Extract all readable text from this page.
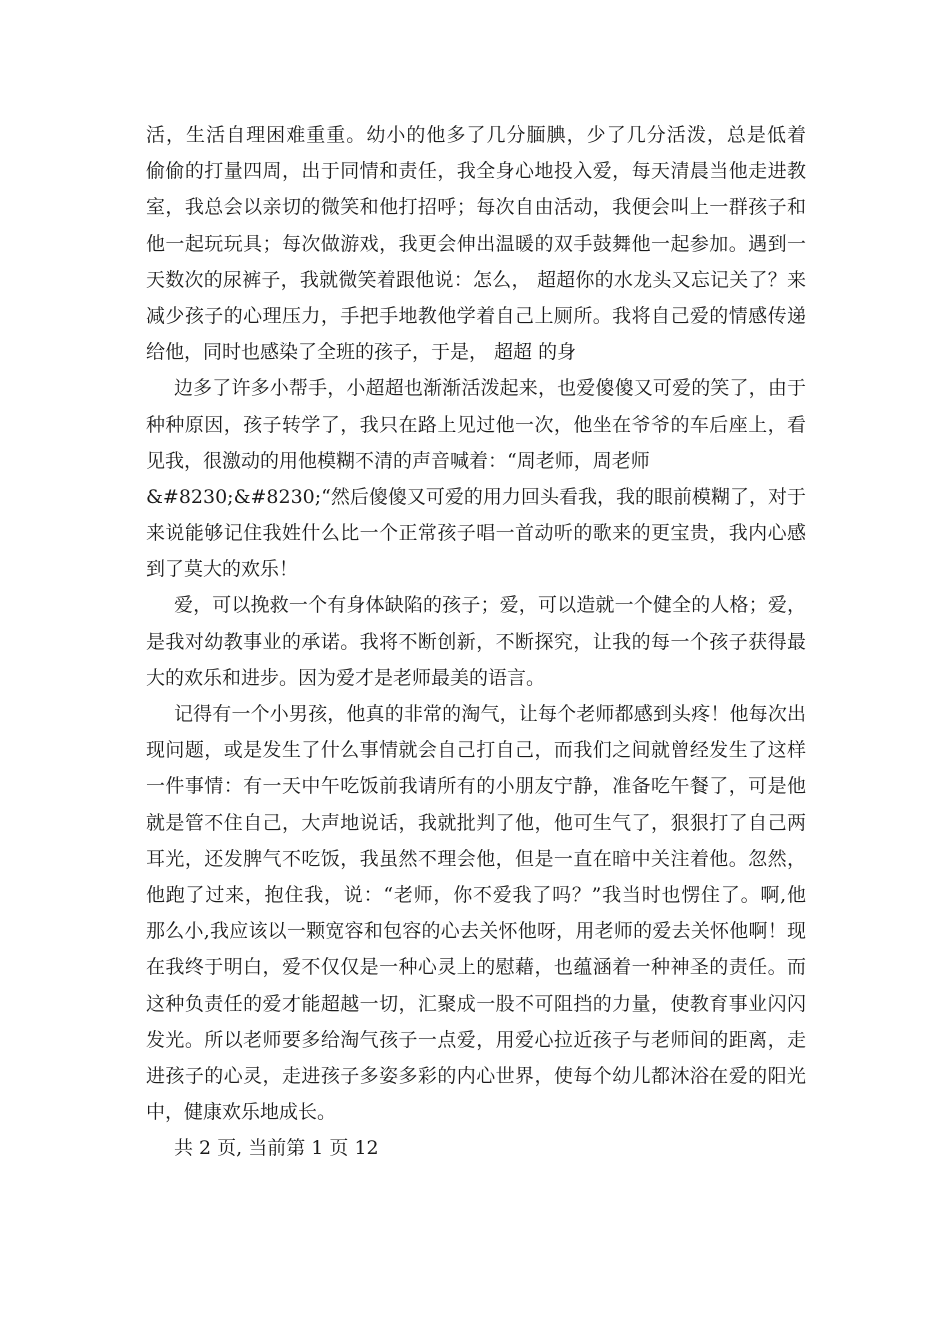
活，生活自理困难重重。幼小的他多了几分腼腆，少了几分活泼，总是低着
偷偷的打量四周，出于同情和责任，我全身心地投入爱，每天清晨当他走进教
室，我总会以亲切的微笑和他打招呼；每次自由活动，我便会叫上一群孩子和
他一起玩玩具；每次做游戏，我更会伸出温暖的双手鼓舞他一起参加。遇到一
天数次的尿裤子，我就微笑着跟他说：怎么， 超超你的水龙头又忘记关了？来
减少孩子的心理压力，手把手地教他学着自己上厕所。我将自己爱的情感传递
给他，同时也感染了全班的孩子，于是， 超超 的身
边多了许多小帮手，小超超也渐渐活泼起来，也爱傻傻又可爱的笑了，由于
种种原因，孩子转学了，我只在路上见过他一次，他坐在爷爷的车后座上，看
见我，很激动的用他模糊不清的声音喊着：“周老师，周老师
&#8230;&#8230;“然后傻傻又可爱的用力回头看我，我的眼前模糊了，对于
来说能够记住我姓什么比一个正常孩子唱一首动听的歌来的更宝贵，我内心感
到了莫大的欢乐！
爱，可以挽救一个有身体缺陷的孩子；爱，可以造就一个健全的人格；爱，
是我对幼教事业的承诺。我将不断创新，不断探究，让我的每一个孩子获得最
大的欢乐和进步。因为爱才是老师最美的语言。
记得有一个小男孩，他真的非常的淘气，让每个老师都感到头疼！他每次出
现问题，或是发生了什么事情就会自己打自己，而我们之间就曾经发生了这样
一件事情：有一天中午吃饭前我请所有的小朋友宁静，准备吃午餐了，可是他
就是管不住自己，大声地说话，我就批判了他，他可生气了，狠狠打了自己两
耳光，还发脾气不吃饭，我虽然不理会他，但是一直在暗中关注着他。忽然，
他跑了过来，抱住我，说：“老师，你不爱我了吗？”我当时也愣住了。啊,他
那么小,我应该以一颗宽容和包容的心去关怀他呀，用老师的爱去关怀他啊！现
在我终于明白，爱不仅仅是一种心灵上的慰藉，也蕴涵着一种神圣的责任。而
这种负责任的爱才能超越一切，汇聚成一股不可阻挡的力量，使教育事业闪闪
发光。所以老师要多给淘气孩子一点爱，用爱心拉近孩子与老师间的距离，走
进孩子的心灵，走进孩子多姿多彩的内心世界，使每个幼儿都沐浴在爱的阳光
中，健康欢乐地成长。
共 2 页, 当前第 1 页 12
